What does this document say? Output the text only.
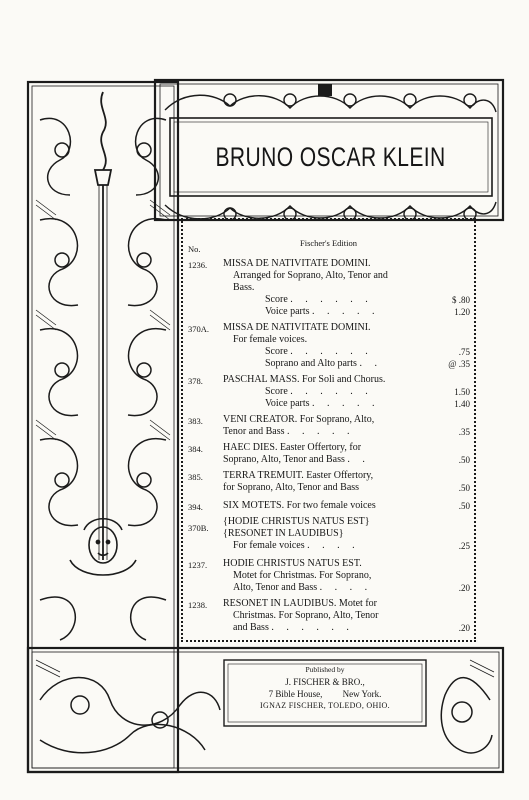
BRUNO OSCAR KLEIN
Fischer's Edition
No.
1236. MISSA DE NATIVITATE DOMINI.
Arranged for Soprano, Alto, Tenor and
Bass.
Score . . . . . .	$ .80
Voice parts . . . . .	1.20
370A. MISSA DE NATIVITATE DOMINI.
For female voices.
Score . . . . . .	.75
Soprano and Alto parts . .	@ .35
378. PASCHAL MASS. For Soli and Chorus.
Score . . . . . .	1.50
Voice parts . . . . .	1.40
383. VENI CREATOR. For Soprano, Alto,
Tenor and Bass . . . . .	.35
384. HAEC DIES. Easter Offertory, for
Soprano, Alto, Tenor and Bass . .	.50
385. TERRA TREMUIT. Easter Offertory,
for Soprano, Alto, Tenor and Bass	.50
394. SIX MOTETS. For two female voices	.50
370B.
{HODIE CHRISTUS NATUS EST}
{RESONET IN LAUDIBUS}
For female voices . . . .	.25
1237. HODIE CHRISTUS NATUS EST.
Motet for Christmas. For Soprano,
Alto, Tenor and Bass . . . .	.20
1238. RESONET IN LAUDIBUS. Motet for
Christmas. For Soprano, Alto, Tenor
and Bass . . . . . .	.20
Published by
J. FISCHER & BRO.,
7 Bible House, New York.
IGNAZ FISCHER, TOLEDO, OHIO.
